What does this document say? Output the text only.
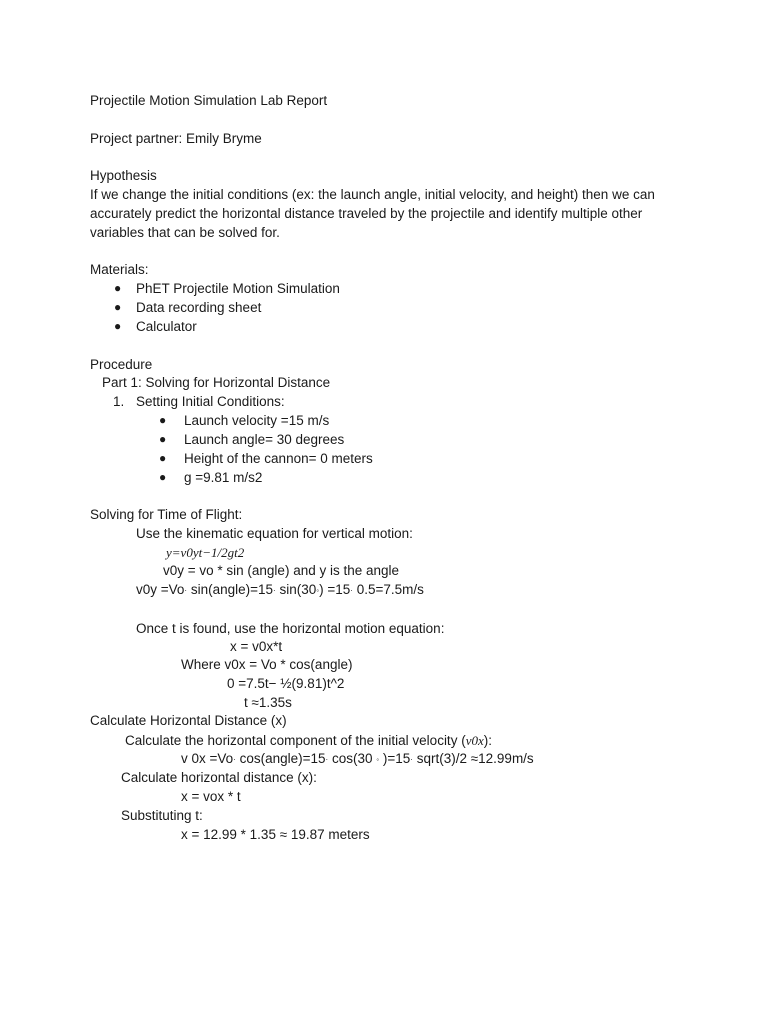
Projectile Motion Simulation Lab Report
Project partner: Emily Bryme
Hypothesis
If we change the initial conditions (ex: the launch angle, initial velocity, and height) then we can
accurately predict the horizontal distance traveled by the projectile and identify multiple other
variables that can be solved for.
Materials:
● PhET Projectile Motion Simulation
● Data recording sheet
● Calculator
Procedure
Part 1: Solving for Horizontal Distance
1. Setting Initial Conditions:
● Launch velocity =15 m/s
● Launch angle= 30 degrees
● Height of the cannon= 0 meters
● g =9.81 m/s2
Solving for Time of Flight:
Use the kinematic equation for vertical motion:
y=v0yt−1/2gt2
v0y = vo * sin (angle) and y is the angle
v0y =Vo· sin(angle)=15· sin(30◦) =15· 0.5=7.5m/s
Once t is found, use the horizontal motion equation:
x = v0x*t
Where v0x = Vo * cos(angle)
0 =7.5t− ½(9.81)t^2
t ≈1.35s
Calculate Horizontal Distance (x)
Calculate the horizontal component of the initial velocity (v0x):
v 0x =Vo· cos(angle)=15· cos(30 ◦ )=15· sqrt(3)/2 ≈12.99m/s
Calculate horizontal distance (x):
x = vox * t
Substituting t:
x = 12.99 * 1.35 ≈ 19.87 meters
